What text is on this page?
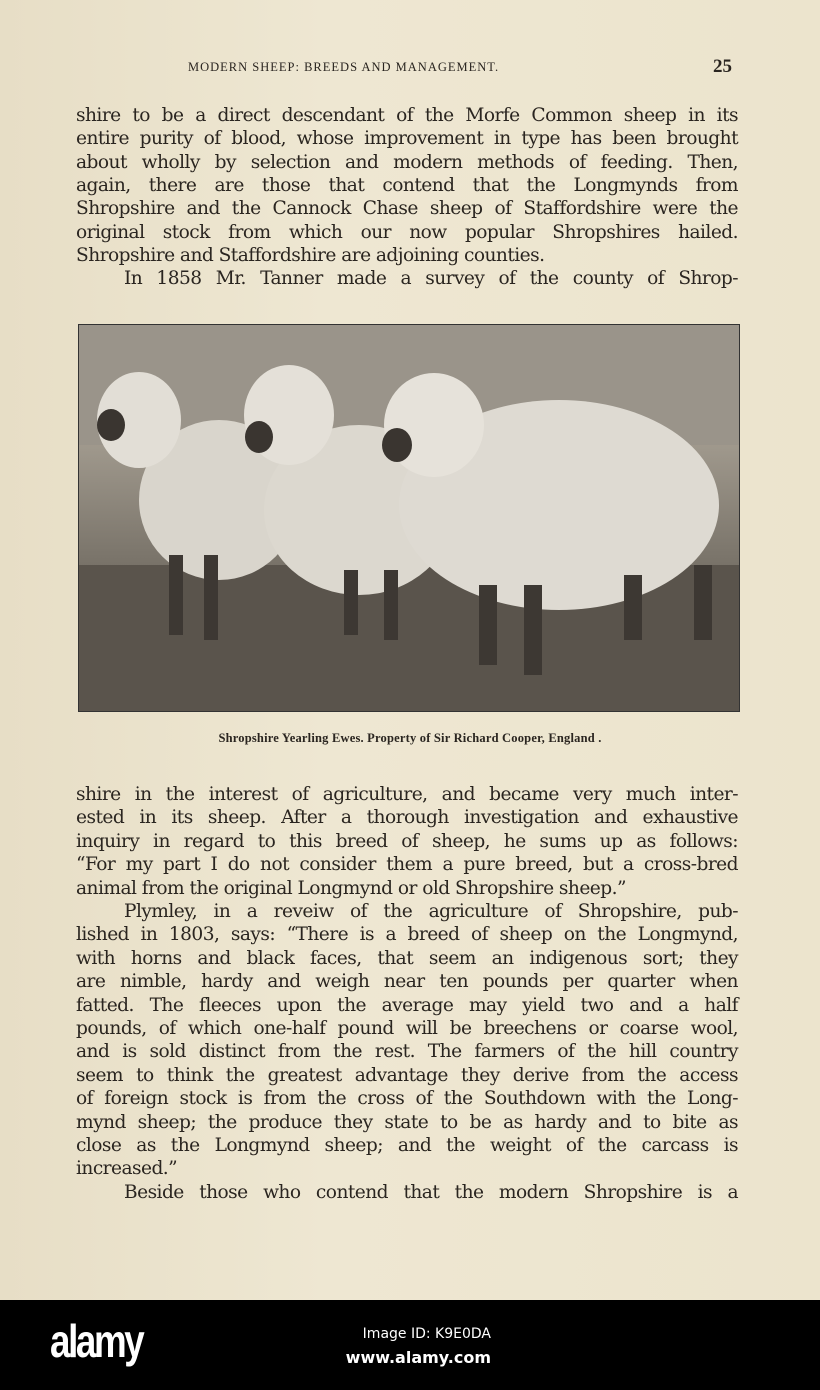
MODERN SHEEP: BREEDS AND MANAGEMENT.	25
shire to be a direct descendant of the Morfe Common sheep in its
entire purity of blood, whose improvement in type has been brought
about wholly by selection and modern methods of feeding. Then,
again, there are those that contend that the Longmynds from
Shropshire and the Cannock Chase sheep of Staffordshire were the
original stock from which our now popular Shropshires hailed.
Shropshire and Staffordshire are adjoining counties.
In 1858 Mr. Tanner made a survey of the county of Shrop-
Shropshire Yearling Ewes. Property of Sir Richard Cooper, England .
shire in the interest of agriculture, and became very much inter-
ested in its sheep. After a thorough investigation and exhaustive
inquiry in regard to this breed of sheep, he sums up as follows:
“For my part I do not consider them a pure breed, but a cross-bred
animal from the original Longmynd or old Shropshire sheep.”
Plymley, in a reveiw of the agriculture of Shropshire, pub-
lished in 1803, says: “There is a breed of sheep on the Longmynd,
with horns and black faces, that seem an indigenous sort; they
are nimble, hardy and weigh near ten pounds per quarter when
fatted. The fleeces upon the average may yield two and a half
pounds, of which one-half pound will be breechens or coarse wool,
and is sold distinct from the rest. The farmers of the hill country
seem to think the greatest advantage they derive from the access
of foreign stock is from the cross of the Southdown with the Long-
mynd sheep; the produce they state to be as hardy and to bite as
close as the Longmynd sheep; and the weight of the carcass is
increased.”
Beside those who contend that the modern Shropshire is a
alamy	Image ID: K9E0DA
www.alamy.com
